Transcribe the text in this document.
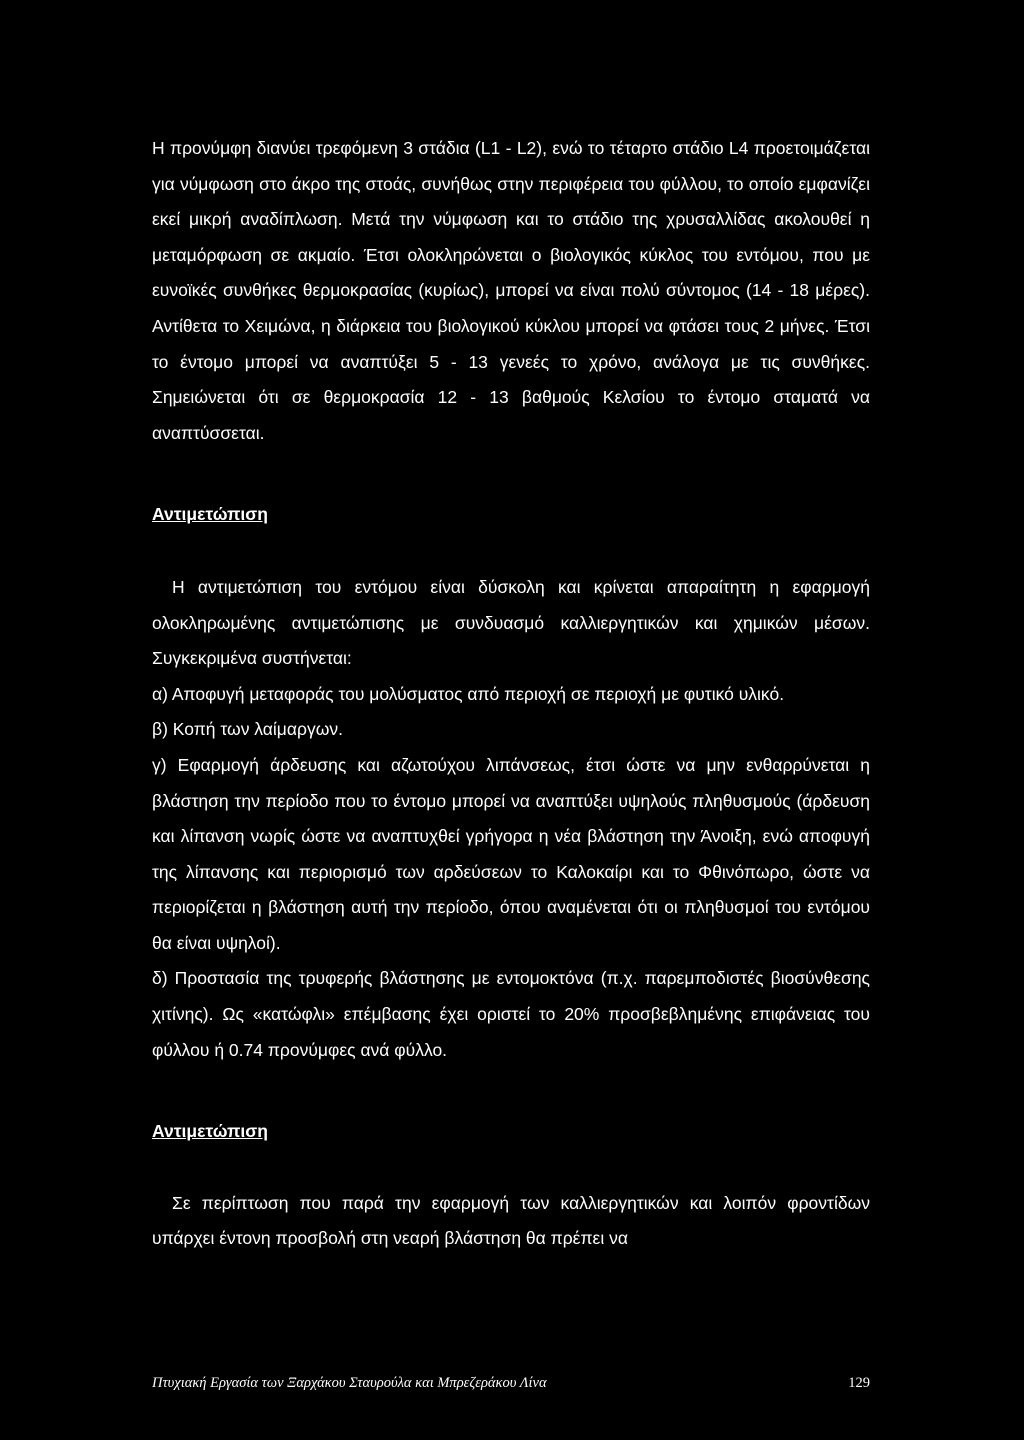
Η προνύμφη διανύει τρεφόμενη 3 στάδια (L1 - L2), ενώ το τέταρτο στάδιο L4 προετοιμάζεται για νύμφωση στο άκρο της στοάς, συνήθως στην περιφέρεια του φύλλου, το οποίο εμφανίζει εκεί μικρή αναδίπλωση. Μετά την νύμφωση και το στάδιο της χρυσαλλίδας ακολουθεί η μεταμόρφωση σε ακμαίο. Έτσι ολοκληρώνεται ο βιολογικός κύκλος του εντόμου, που με ευνοϊκές συνθήκες θερμοκρασίας (κυρίως), μπορεί να είναι πολύ σύντομος (14 - 18 μέρες). Αντίθετα το Χειμώνα, η διάρκεια του βιολογικού κύκλου μπορεί να φτάσει τους 2 μήνες. Έτσι το έντομο μπορεί να αναπτύξει 5 - 13 γενεές το χρόνο, ανάλογα με τις συνθήκες. Σημειώνεται ότι σε θερμοκρασία 12 - 13 βαθμούς Κελσίου το έντομο σταματά να αναπτύσσεται.

Αντιμετώπιση

Η αντιμετώπιση του εντόμου είναι δύσκολη και κρίνεται απαραίτητη η εφαρμογή ολοκληρωμένης αντιμετώπισης με συνδυασμό καλλιεργητικών και χημικών μέσων. Συγκεκριμένα συστήνεται:

α) Αποφυγή μεταφοράς του μολύσματος από περιοχή σε περιοχή με φυτικό υλικό.

β) Κοπή των λαίμαργων.

γ) Εφαρμογή άρδευσης και αζωτούχου λιπάνσεως, έτσι ώστε να μην ενθαρρύνεται η βλάστηση την περίοδο που το έντομο μπορεί να αναπτύξει υψηλούς πληθυσμούς (άρδευση και λίπανση νωρίς ώστε να αναπτυχθεί γρήγορα η νέα βλάστηση την Άνοιξη, ενώ αποφυγή της λίπανσης και περιορισμό των αρδεύσεων το Καλοκαίρι και το Φθινόπωρο, ώστε να περιορίζεται η βλάστηση αυτή την περίοδο, όπου αναμένεται ότι οι πληθυσμοί του εντόμου θα είναι υψηλοί).

δ) Προστασία της τρυφερής βλάστησης με εντομοκτόνα (π.χ. παρεμποδιστές βιοσύνθεσης χιτίνης). Ως «κατώφλι» επέμβασης έχει οριστεί το 20% προσβεβλημένης επιφάνειας του φύλλου ή 0.74 προνύμφες ανά φύλλο.

Αντιμετώπιση

Σε περίπτωση που παρά την εφαρμογή των καλλιεργητικών και λοιπόν φροντίδων υπάρχει έντονη προσβολή στη νεαρή βλάστηση θα πρέπει να

Πτυχιακή Εργασία των Ξαρχάκου Σταυρούλα και Μπρεζεράκου Λίνα	129
